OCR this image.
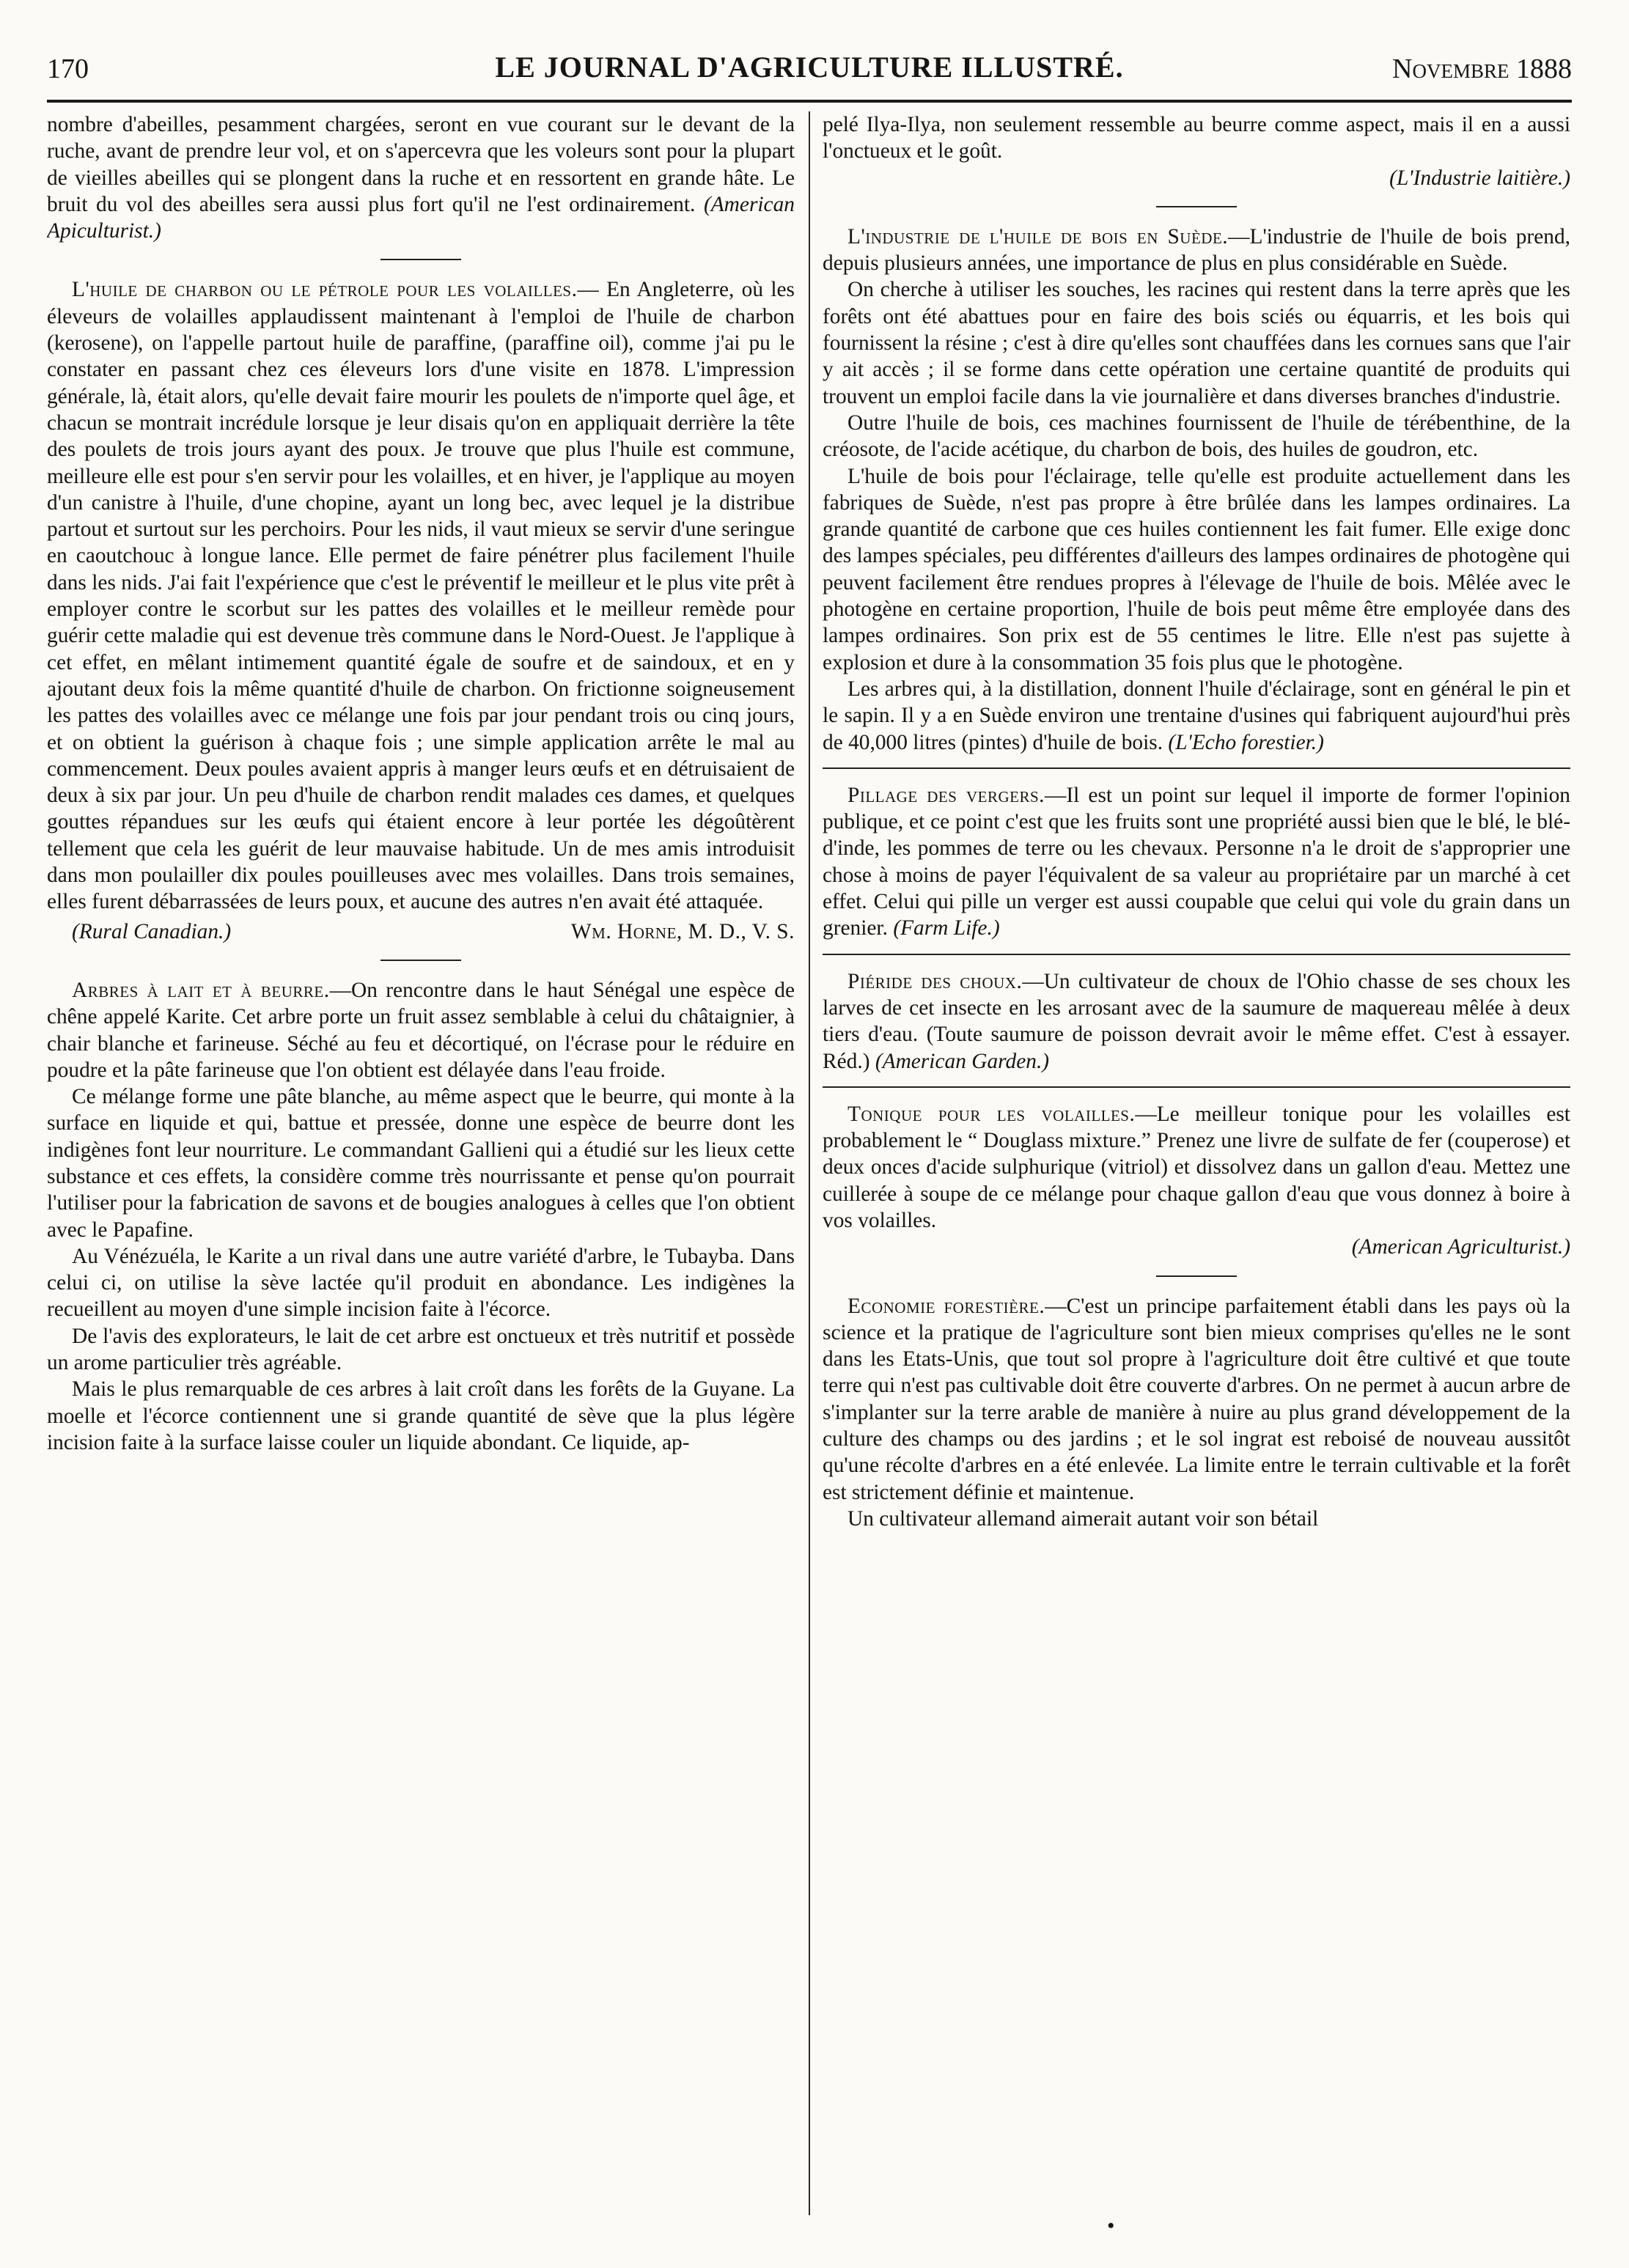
170	LE JOURNAL D'AGRICULTURE ILLUSTRÉ.	Novembre 1888

nombre d'abeilles, pesamment chargées, seront en vue courant sur le devant de la ruche, avant de prendre leur vol, et on s'apercevra que les voleurs sont pour la plupart de vieilles abeilles qui se plongent dans la ruche et en ressortent en grande hâte. Le bruit du vol des abeilles sera aussi plus fort qu'il ne l'est ordinairement. (American Apiculturist.)

L'huile de charbon ou le pétrole pour les volailles.— En Angleterre, où les éleveurs de volailles applaudissent maintenant à l'emploi de l'huile de charbon (kerosene), on l'appelle partout huile de paraffine, (paraffine oil), comme j'ai pu le constater en passant chez ces éleveurs lors d'une visite en 1878. L'impression générale, là, était alors, qu'elle devait faire mourir les poulets de n'importe quel âge, et chacun se montrait incrédule lorsque je leur disais qu'on en appliquait derrière la tête des poulets de trois jours ayant des poux. Je trouve que plus l'huile est commune, meilleure elle est pour s'en servir pour les volailles, et en hiver, je l'applique au moyen d'un canistre à l'huile, d'une chopine, ayant un long bec, avec lequel je la distribue partout et surtout sur les perchoirs. Pour les nids, il vaut mieux se servir d'une seringue en caoutchouc à longue lance. Elle permet de faire pénétrer plus facilement l'huile dans les nids. J'ai fait l'expérience que c'est le préventif le meilleur et le plus vite prêt à employer contre le scorbut sur les pattes des volailles et le meilleur remède pour guérir cette maladie qui est devenue très commune dans le Nord-Ouest. Je l'applique à cet effet, en mêlant intimement quantité égale de soufre et de saindoux, et en y ajoutant deux fois la même quantité d'huile de charbon. On frictionne soigneusement les pattes des volailles avec ce mélange une fois par jour pendant trois ou cinq jours, et on obtient la guérison à chaque fois ; une simple application arrête le mal au commencement. Deux poules avaient appris à manger leurs œufs et en détruisaient de deux à six par jour. Un peu d'huile de charbon rendit malades ces dames, et quelques gouttes répandues sur les œufs qui étaient encore à leur portée les dégoûtèrent tellement que cela les guérit de leur mauvaise habitude. Un de mes amis introduisit dans mon poulailler dix poules pouilleuses avec mes volailles. Dans trois semaines, elles furent débarrassées de leurs poux, et aucune des autres n'en avait été attaquée.

(Rural Canadian.)	Wm. Horne, M. D., V. S.

Arbres à lait et à beurre.—On rencontre dans le haut Sénégal une espèce de chêne appelé Karite. Cet arbre porte un fruit assez semblable à celui du châtaignier, à chair blanche et farineuse. Séché au feu et décortiqué, on l'écrase pour le réduire en poudre et la pâte farineuse que l'on obtient est délayée dans l'eau froide.

Ce mélange forme une pâte blanche, au même aspect que le beurre, qui monte à la surface en liquide et qui, battue et pressée, donne une espèce de beurre dont les indigènes font leur nourriture. Le commandant Gallieni qui a étudié sur les lieux cette substance et ces effets, la considère comme très nourrissante et pense qu'on pourrait l'utiliser pour la fabrication de savons et de bougies analogues à celles que l'on obtient avec le Papafine.

Au Vénézuéla, le Karite a un rival dans une autre variété d'arbre, le Tubayba. Dans celui ci, on utilise la sève lactée qu'il produit en abondance. Les indigènes la recueillent au moyen d'une simple incision faite à l'écorce.

De l'avis des explorateurs, le lait de cet arbre est onctueux et très nutritif et possède un arome particulier très agréable.

Mais le plus remarquable de ces arbres à lait croît dans les forêts de la Guyane. La moelle et l'écorce contiennent une si grande quantité de sève que la plus légère incision faite à la surface laisse couler un liquide abondant. Ce liquide, ap-

pelé Ilya-Ilya, non seulement ressemble au beurre comme aspect, mais il en a aussi l'onctueux et le goût.

(L'Industrie laitière.)

L'industrie de l'huile de bois en Suède.—L'industrie de l'huile de bois prend, depuis plusieurs années, une importance de plus en plus considérable en Suède.

On cherche à utiliser les souches, les racines qui restent dans la terre après que les forêts ont été abattues pour en faire des bois sciés ou équarris, et les bois qui fournissent la résine ; c'est à dire qu'elles sont chauffées dans les cornues sans que l'air y ait accès ; il se forme dans cette opération une certaine quantité de produits qui trouvent un emploi facile dans la vie journalière et dans diverses branches d'industrie.

Outre l'huile de bois, ces machines fournissent de l'huile de térébenthine, de la créosote, de l'acide acétique, du charbon de bois, des huiles de goudron, etc.

L'huile de bois pour l'éclairage, telle qu'elle est produite actuellement dans les fabriques de Suède, n'est pas propre à être brûlée dans les lampes ordinaires. La grande quantité de carbone que ces huiles contiennent les fait fumer. Elle exige donc des lampes spéciales, peu différentes d'ailleurs des lampes ordinaires de photogène qui peuvent facilement être rendues propres à l'élevage de l'huile de bois. Mêlée avec le photogène en certaine proportion, l'huile de bois peut même être employée dans des lampes ordinaires. Son prix est de 55 centimes le litre. Elle n'est pas sujette à explosion et dure à la consommation 35 fois plus que le photogène.

Les arbres qui, à la distillation, donnent l'huile d'éclairage, sont en général le pin et le sapin. Il y a en Suède environ une trentaine d'usines qui fabriquent aujourd'hui près de 40,000 litres (pintes) d'huile de bois. (L'Echo forestier.)

Pillage des vergers.—Il est un point sur lequel il importe de former l'opinion publique, et ce point c'est que les fruits sont une propriété aussi bien que le blé, le blé-d'inde, les pommes de terre ou les chevaux. Personne n'a le droit de s'approprier une chose à moins de payer l'équivalent de sa valeur au propriétaire par un marché à cet effet. Celui qui pille un verger est aussi coupable que celui qui vole du grain dans un grenier. (Farm Life.)

Piéride des choux.—Un cultivateur de choux de l'Ohio chasse de ses choux les larves de cet insecte en les arrosant avec de la saumure de maquereau mêlée à deux tiers d'eau. (Toute saumure de poisson devrait avoir le même effet. C'est à essayer. Réd.) (American Garden.)

Tonique pour les volailles.—Le meilleur tonique pour les volailles est probablement le “ Douglass mixture.” Prenez une livre de sulfate de fer (couperose) et deux onces d'acide sulphurique (vitriol) et dissolvez dans un gallon d'eau. Mettez une cuillerée à soupe de ce mélange pour chaque gallon d'eau que vous donnez à boire à vos volailles.

(American Agriculturist.)

Economie forestière.—C'est un principe parfaitement établi dans les pays où la science et la pratique de l'agriculture sont bien mieux comprises qu'elles ne le sont dans les Etats-Unis, que tout sol propre à l'agriculture doit être cultivé et que toute terre qui n'est pas cultivable doit être couverte d'arbres. On ne permet à aucun arbre de s'implanter sur la terre arable de manière à nuire au plus grand développement de la culture des champs ou des jardins ; et le sol ingrat est reboisé de nouveau aussitôt qu'une récolte d'arbres en a été enlevée. La limite entre le terrain cultivable et la forêt est strictement définie et maintenue.

Un cultivateur allemand aimerait autant voir son bétail

•
